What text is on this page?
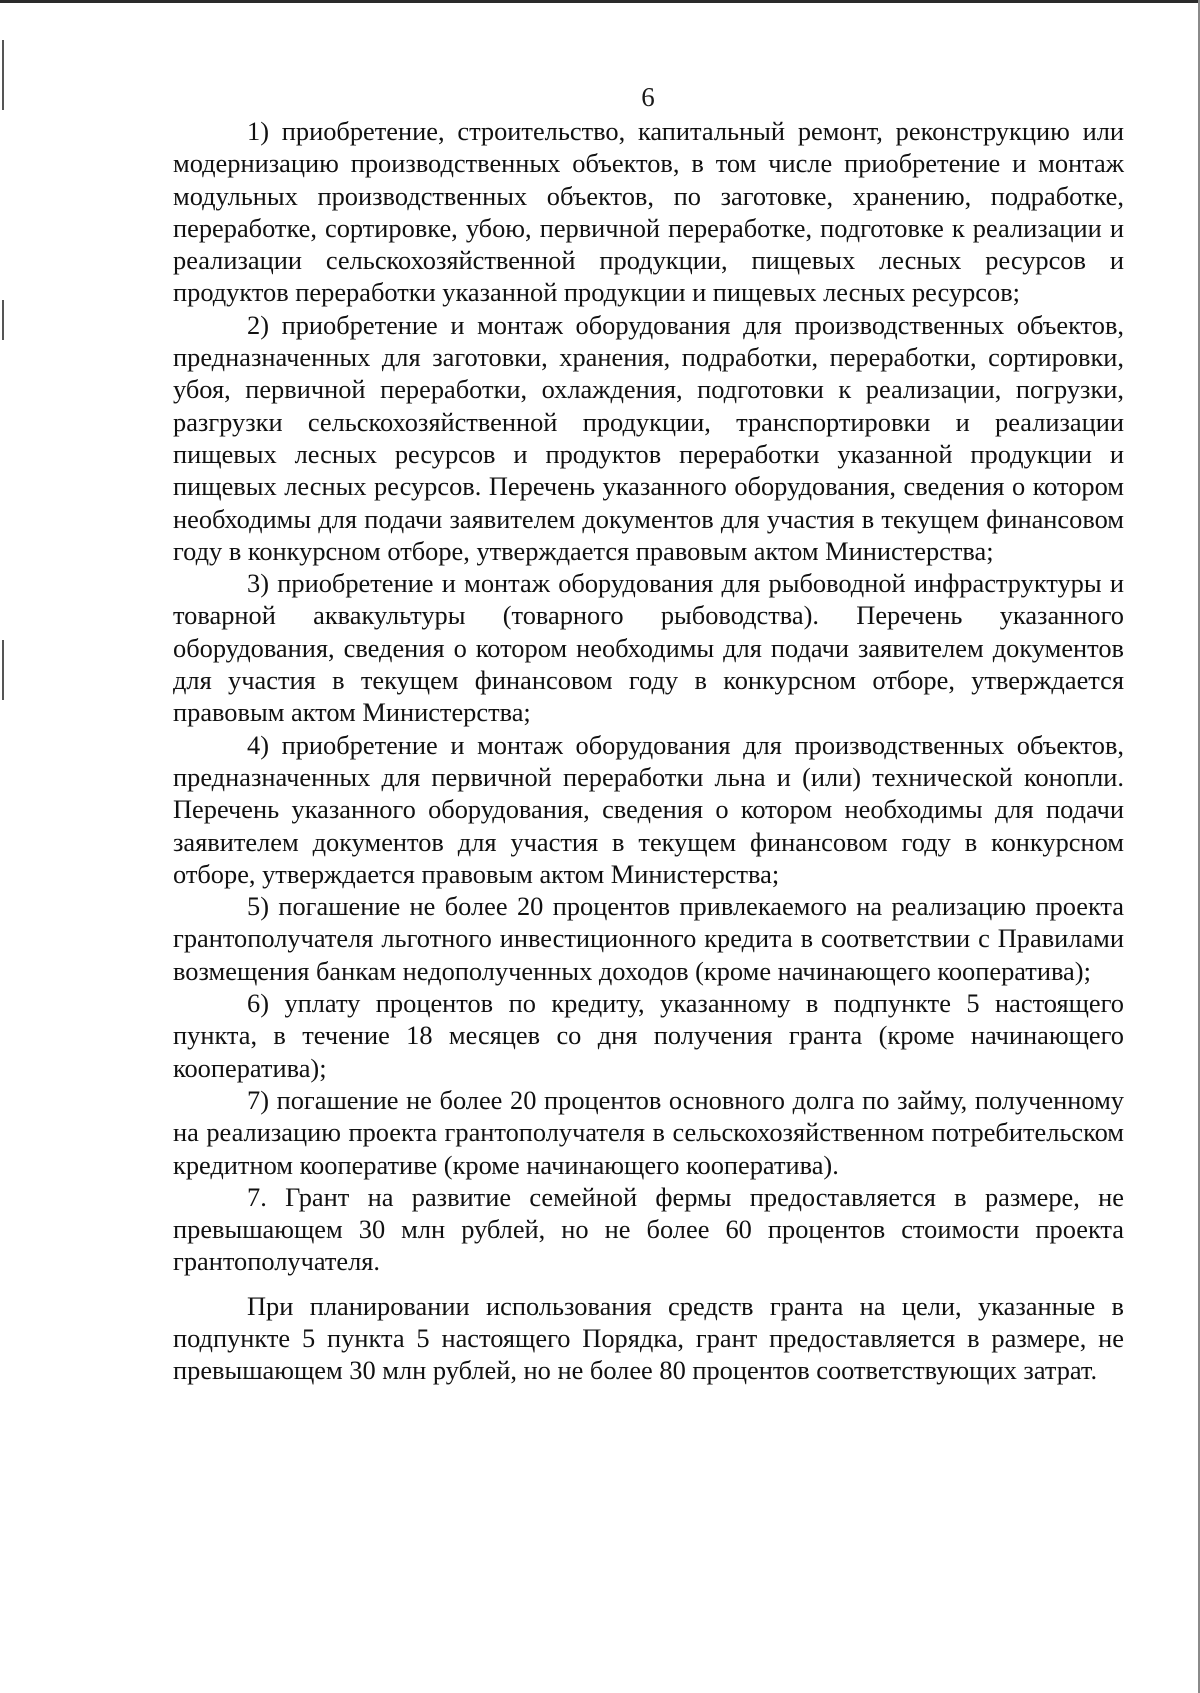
6

1) приобретение, строительство, капитальный ремонт, реконструкцию или модернизацию производственных объектов, в том числе приобретение и монтаж модульных производственных объектов, по заготовке, хранению, подработке, переработке, сортировке, убою, первичной переработке, подготовке к реализации и реализации сельскохозяйственной продукции, пищевых лесных ресурсов и продуктов переработки указанной продукции и пищевых лесных ресурсов;

2) приобретение и монтаж оборудования для производственных объектов, предназначенных для заготовки, хранения, подработки, переработки, сортировки, убоя, первичной переработки, охлаждения, подготовки к реализации, погрузки, разгрузки сельскохозяйственной продукции, транспортировки и реализации пищевых лесных ресурсов и продуктов переработки указанной продукции и пищевых лесных ресурсов. Перечень указанного оборудования, сведения о котором необходимы для подачи заявителем документов для участия в текущем финансовом году в конкурсном отборе, утверждается правовым актом Министерства;

3) приобретение и монтаж оборудования для рыбоводной инфраструктуры и товарной аквакультуры (товарного рыбоводства). Перечень указанного оборудования, сведения о котором необходимы для подачи заявителем документов для участия в текущем финансовом году в конкурсном отборе, утверждается правовым актом Министерства;

4) приобретение и монтаж оборудования для производственных объектов, предназначенных для первичной переработки льна и (или) технической конопли. Перечень указанного оборудования, сведения о котором необходимы для подачи заявителем документов для участия в текущем финансовом году в конкурсном отборе, утверждается правовым актом Министерства;

5) погашение не более 20 процентов привлекаемого на реализацию проекта грантополучателя льготного инвестиционного кредита в соответствии с Правилами возмещения банкам недополученных доходов (кроме начинающего кооператива);

6) уплату процентов по кредиту, указанному в подпункте 5 настоящего пункта, в течение 18 месяцев со дня получения гранта (кроме начинающего кооператива);

7) погашение не более 20 процентов основного долга по займу, полученному на реализацию проекта грантополучателя в сельскохозяйственном потребительском кредитном кооперативе (кроме начинающего кооператива).

7. Грант на развитие семейной фермы предоставляется в размере, не превышающем 30 млн рублей, но не более 60 процентов стоимости проекта грантополучателя.

При планировании использования средств гранта на цели, указанные в подпункте 5 пункта 5 настоящего Порядка, грант предоставляется в размере, не превышающем 30 млн рублей, но не более 80 процентов соответствующих затрат.
